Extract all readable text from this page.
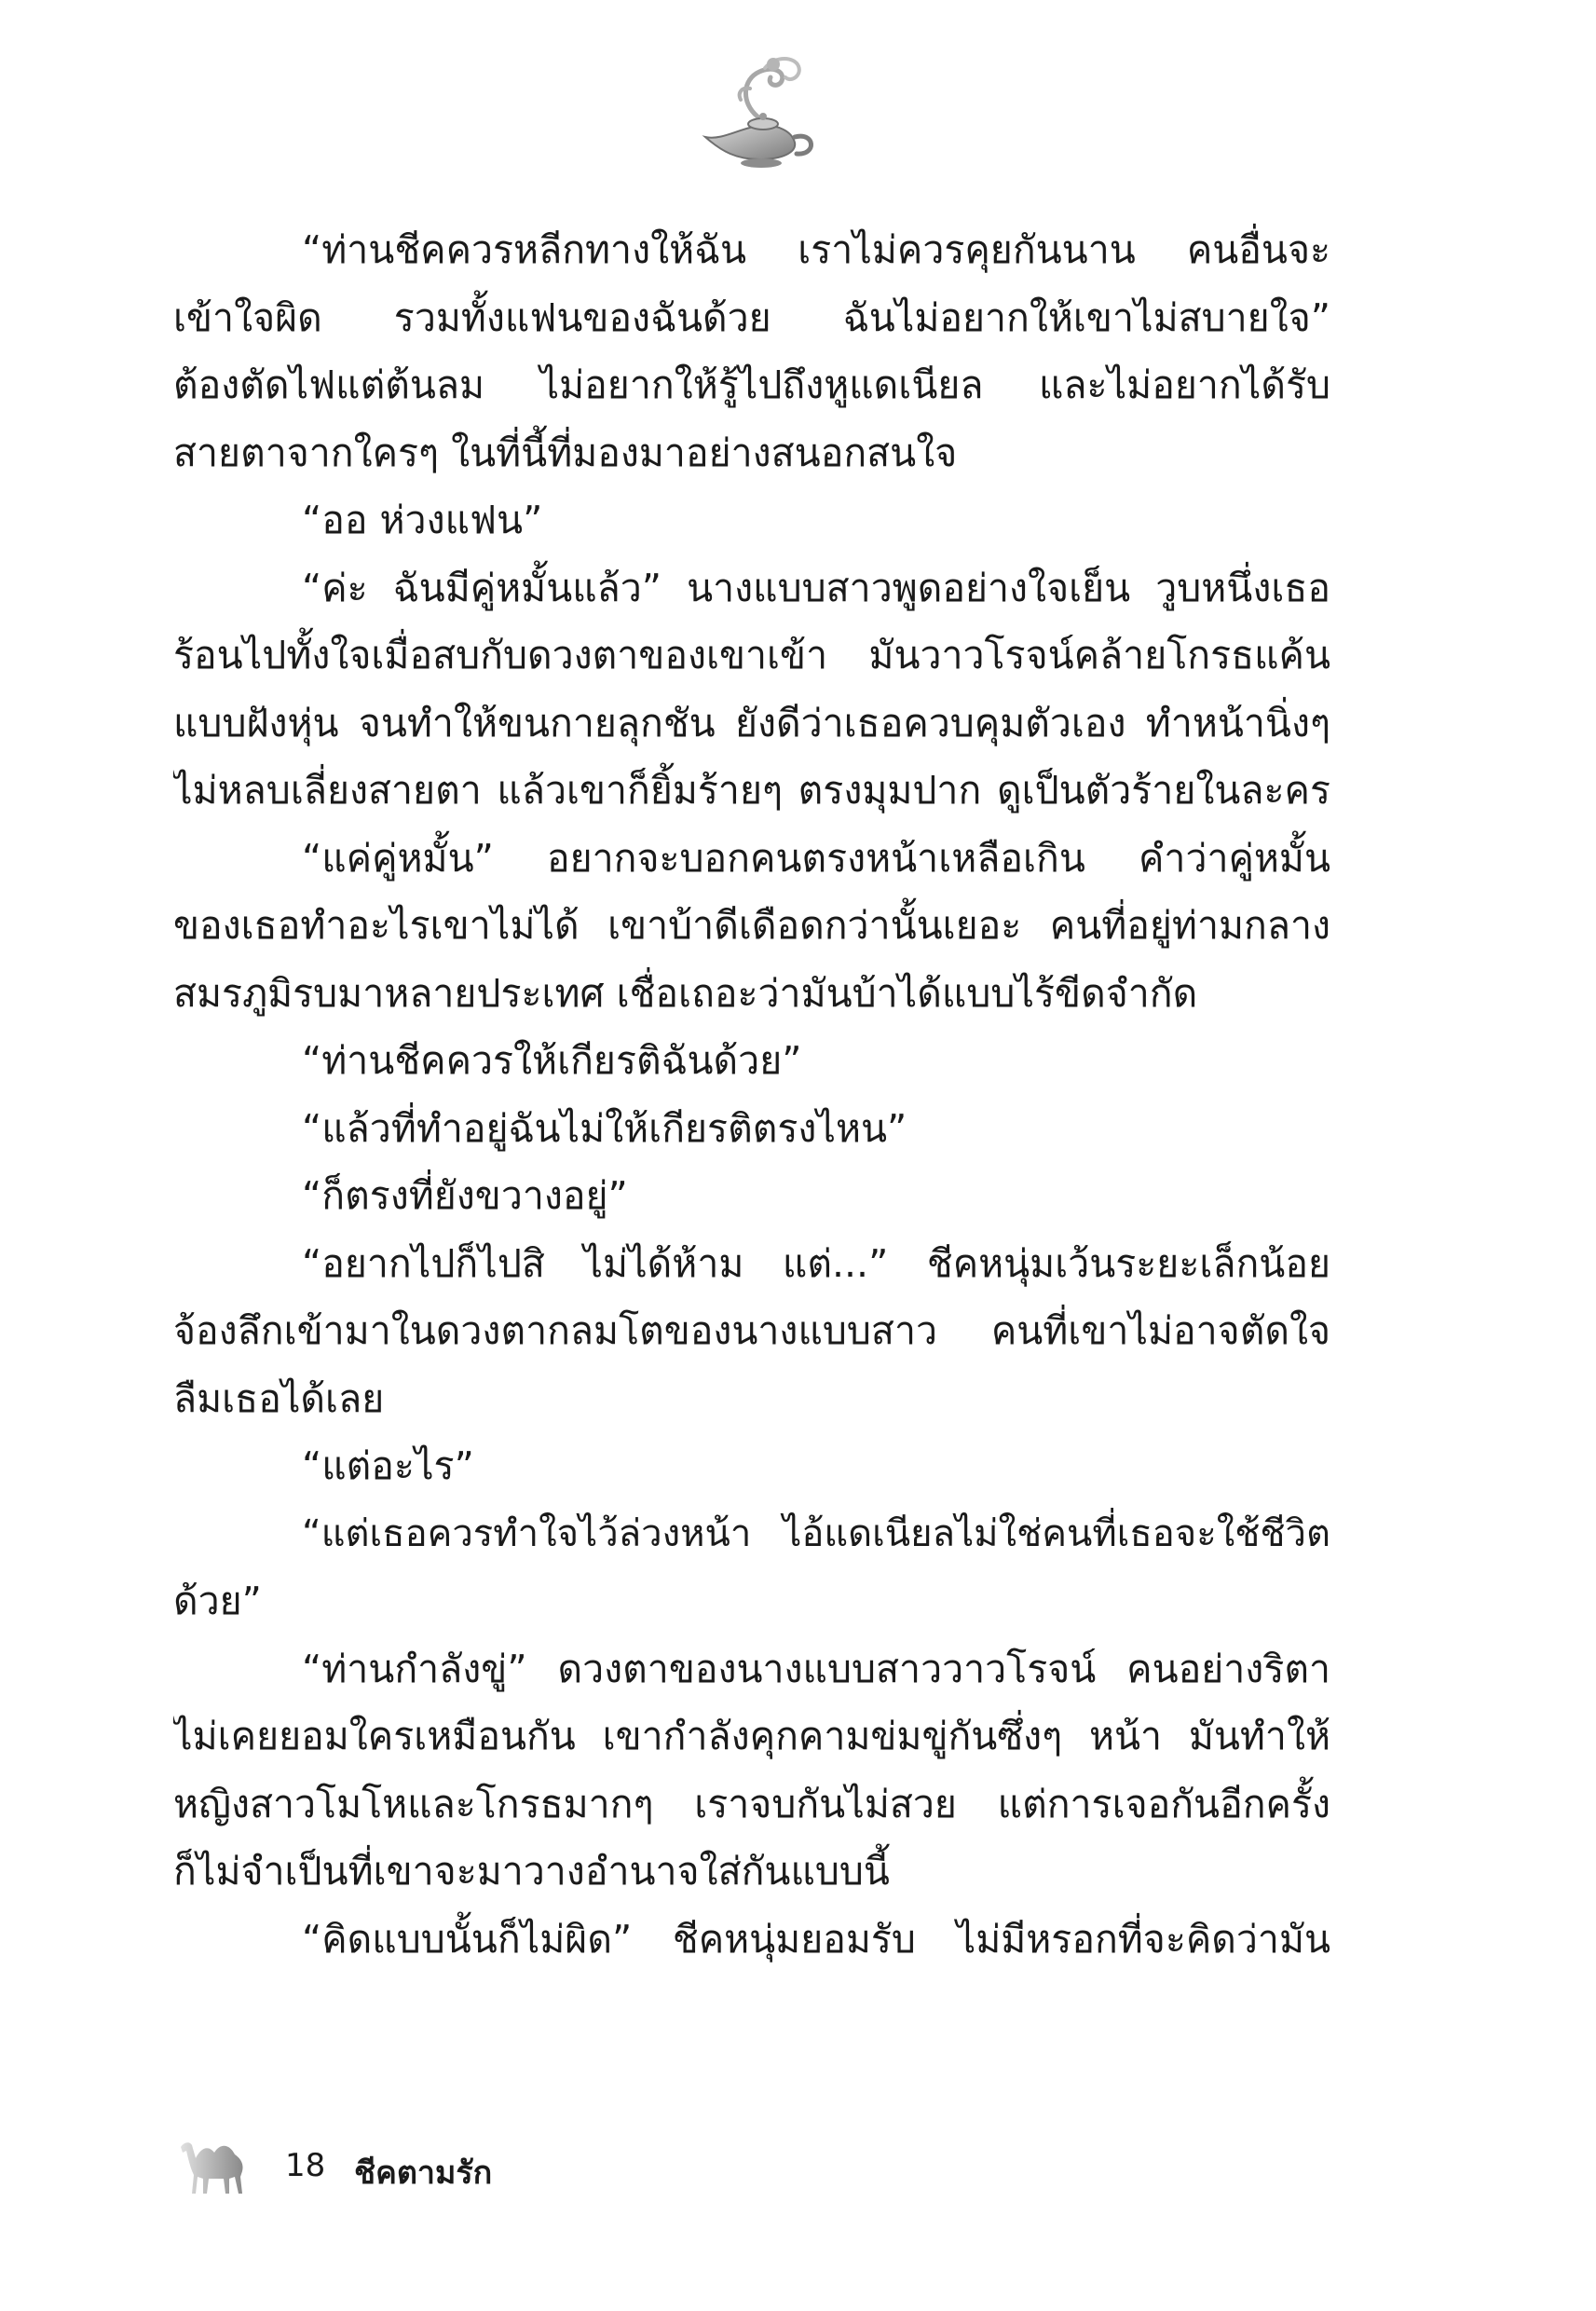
“ท่านชีคควรหลีกทางให้ฉัน เราไม่ควรคุยกันนาน คนอื่นจะ
เข้าใจผิด รวมทั้งแฟนของฉันด้วย ฉันไม่อยากให้เขาไม่สบายใจ”
ต้องตัดไฟแต่ต้นลม ไม่อยากให้รู้ไปถึงหูแดเนียล และไม่อยากได้รับ
สายตาจากใครๆ ในที่นี้ที่มองมาอย่างสนอกสนใจ
“ออ ห่วงแฟน”
“ค่ะ ฉันมีคู่หมั้นแล้ว” นางแบบสาวพูดอย่างใจเย็น วูบหนึ่งเธอ
ร้อนไปทั้งใจเมื่อสบกับดวงตาของเขาเข้า มันวาวโรจน์คล้ายโกรธแค้น
แบบฝังหุ่น จนทำให้ขนกายลุกชัน ยังดีว่าเธอควบคุมตัวเอง ทำหน้านิ่งๆ
ไม่หลบเลี่ยงสายตา แล้วเขาก็ยิ้มร้ายๆ ตรงมุมปาก ดูเป็นตัวร้ายในละคร
“แค่คู่หมั้น” อยากจะบอกคนตรงหน้าเหลือเกิน คำว่าคู่หมั้น
ของเธอทำอะไรเขาไม่ได้ เขาบ้าดีเดือดกว่านั้นเยอะ คนที่อยู่ท่ามกลาง
สมรภูมิรบมาหลายประเทศ เชื่อเถอะว่ามันบ้าได้แบบไร้ขีดจำกัด
“ท่านชีคควรให้เกียรติฉันด้วย”
“แล้วที่ทำอยู่ฉันไม่ให้เกียรติตรงไหน”
“ก็ตรงที่ยังขวางอยู่”
“อยากไปก็ไปสิ ไม่ได้ห้าม แต่...” ชีคหนุ่มเว้นระยะเล็กน้อย
จ้องลึกเข้ามาในดวงตากลมโตของนางแบบสาว คนที่เขาไม่อาจตัดใจ
ลืมเธอได้เลย
“แต่อะไร”
“แต่เธอควรทำใจไว้ล่วงหน้า ไอ้แดเนียลไม่ใช่คนที่เธอจะใช้ชีวิต
ด้วย”
“ท่านกำลังขู่” ดวงตาของนางแบบสาววาวโรจน์ คนอย่างริตา
ไม่เคยยอมใครเหมือนกัน เขากำลังคุกคามข่มขู่กันซึ่งๆ หน้า มันทำให้
หญิงสาวโมโหและโกรธมากๆ เราจบกันไม่สวย แต่การเจอกันอีกครั้ง
ก็ไม่จำเป็นที่เขาจะมาวางอำนาจใส่กันแบบนี้
“คิดแบบนั้นก็ไม่ผิด” ชีคหนุ่มยอมรับ ไม่มีหรอกที่จะคิดว่ามัน
18 ชีคตามรัก
